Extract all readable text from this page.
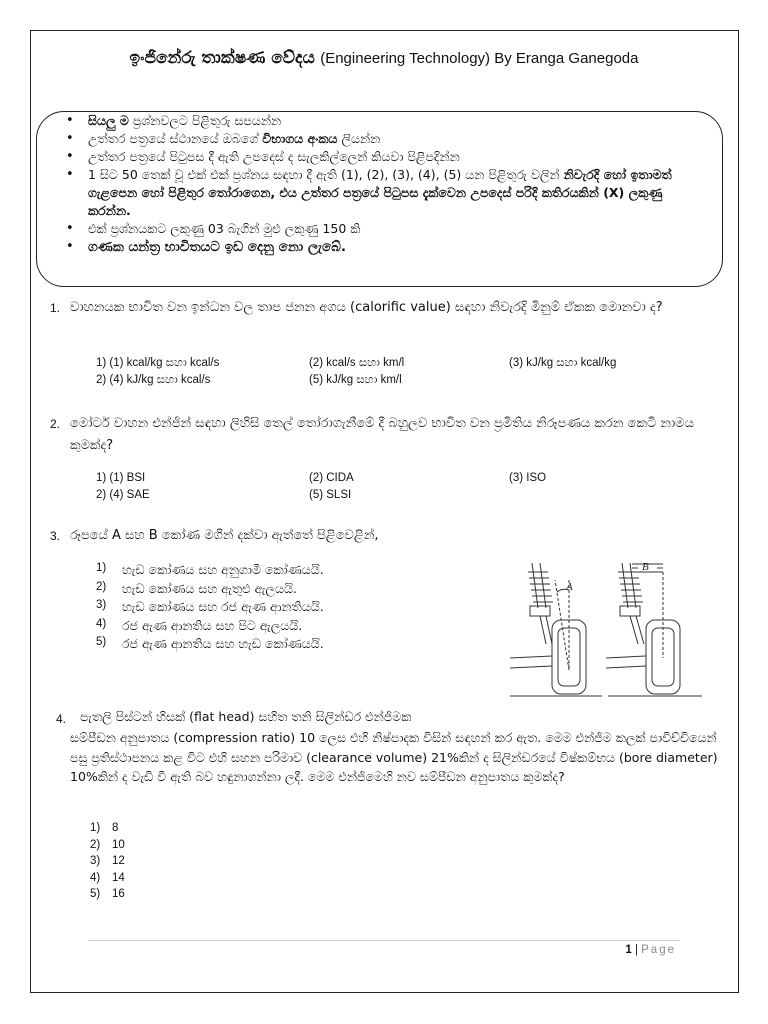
ඉංජිනේරු තාක්ෂණ වේදය (Engineering Technology) By Eranga Ganegoda
• සියලු ම ප්‍රශ්නවලට පිළිතුරු සපයන්න
• උත්තර පත්‍රයේ ස්ථානයේ ඔබගේ විභාගය අංකය ලියන්න
• උත්තර පත්‍රයේ පිටුපස දී ඇති උපදෙස් ද සැලකිල්ලෙන් කියවා පිළිපදින්න
• 1 සිට 50 තෙක් වූ එක් එක් ප්‍රශ්නය සඳහා දී ඇති (1), (2), (3), (4), (5) යන පිළිතුරු වලින් නිවැරදි හෝ ඉතාමත් ගැළපෙන හෝ පිළිතුර තෝරාගෙන, එය උත්තර පත්‍රයේ පිටුපස දැක්වෙන උපදෙස් පරිදි කතිරයකින් (X) ලකුණු කරන්න.
• එක් ප්‍රශ්නයකට ලකුණු 03 බැගින් මුළු ලකුණු 150 කි
• ගණක යන්ත්‍ර භාවිතයට ඉඩ දෙනු නො ලැබේ.
1. වාහනයක භාවිත වන ඉන්ධන වල තාප ජනන අගය (calorific value) සඳහා නිවැරදි මිනුම් ඒකක මොනවා ද?
1) (1) kcal/kg සහා kcal/s	(2) kcal/s සහා km/l	(3) kJ/kg සහා kcal/kg
2) (4) kJ/kg සහා kcal/s	(5) kJ/kg සහා km/l
2. මෝටර් වාහන එන්ජින් සඳහා ලිහිසි තෙල් තෝරාගැනීමේ දී බහුලව භාවිත වන ප්‍රමිතිය නිරූපණය කරන කෙටි නාමය කුමක්ද?
1) (1) BSI	(2) CIDA	(3) ISO
2) (4) SAE	(5) SLSI
3. රූපයේ A සහ B කෝණ මගින් දක්වා ඇත්තේ පිළිවෙළින්,
1) හැඩ කෝණය සහ අනුගාමී කෝණයයි.
2) හැඩ කෝණය සහ ඇතුළු ඇලයයි.
3) හැඩ කෝණය සහ රජ ඇණ ආනතියයි.
4) රජ ඇණ ආනතිය සහ පිට ඇලයයි.
5) රජ ඇණ ආනතිය සහ හැඩ කෝණයයි.
A
B
4. පැතලි පිස්ටන් හිසක් (flat head) සහිත තනි සිලින්ඩර එන්ජිමක
සම්පීඩන අනුපාතය (compression ratio) 10 ලෙස එහි නිෂ්පාදක විසින් සඳහන් කර ඇත. මෙම එන්ජිම කලක් පාවිච්චියෙන් පසු ප්‍රතිස්ථාපනය කළ විට එහි සහන පරිමාව (clearance volume) 21%කින් ද සිලින්ඩරයේ විෂ්කම්භය (bore diameter) 10%කින් ද වැඩි වී ඇති බව හඳුනාගන්නා ලදී. මෙම එන්ජිමෙහි නව සම්පීඩන අනුපාතය කුමක්ද?
1) 8
2) 10
3) 12
4) 14
5) 16
1 | Page
